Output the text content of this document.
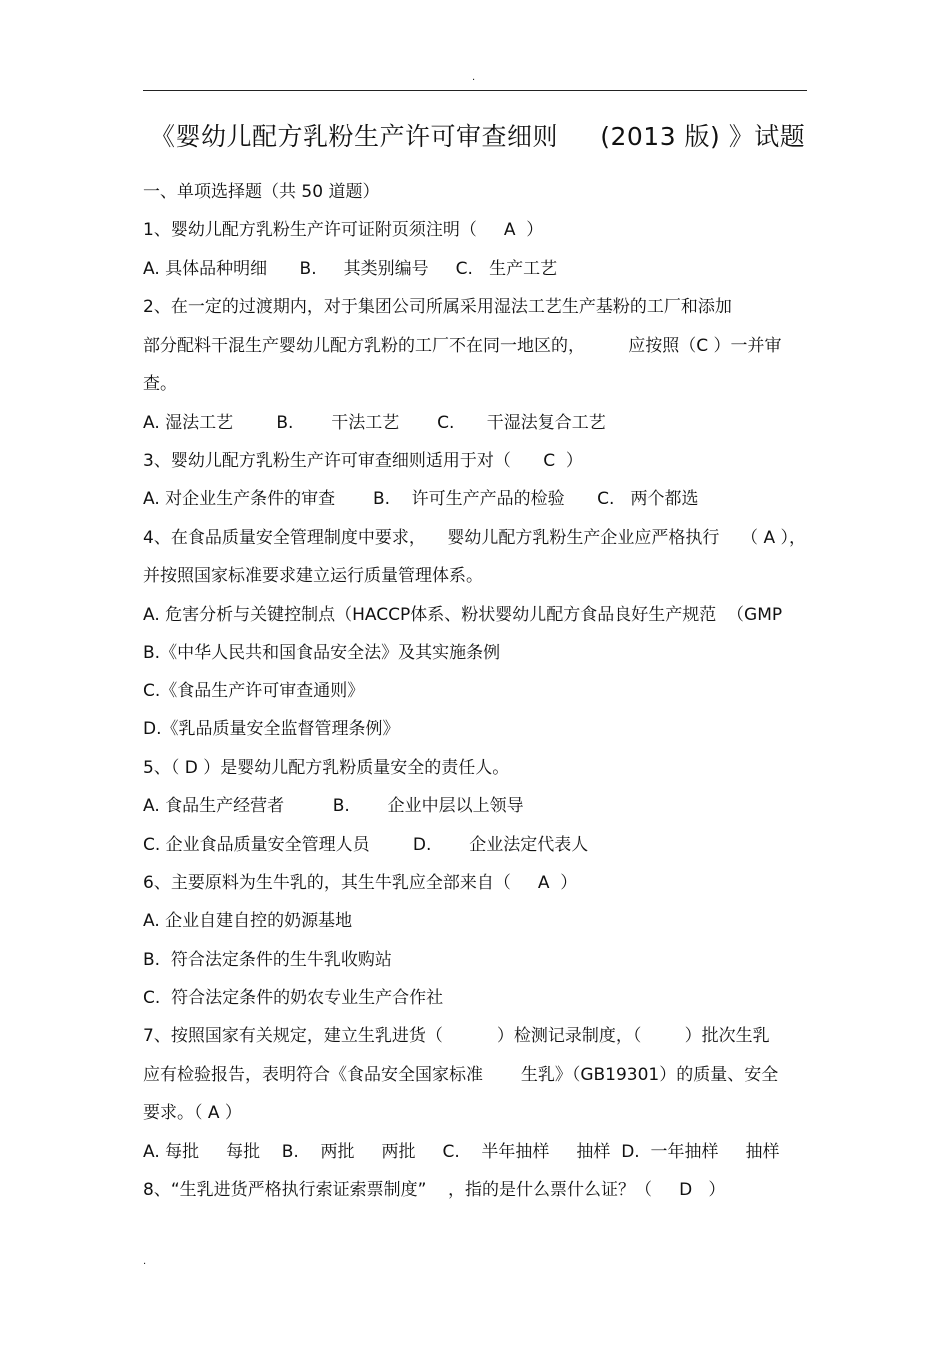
.
《婴幼儿配方乳粉生产许可审查细则     (2013 版) 》试题
一、单项选择题（共 50 道题）
1、婴幼儿配方乳粉生产许可证附页须注明（     A  ）
A. 具体品种明细      B.     其类别编号     C.   生产工艺
2、在一定的过渡期内，对于集团公司所属采用湿法工艺生产基粉的工厂和添加
部分配料干混生产婴幼儿配方乳粉的工厂不在同一地区的，        应按照（C ）一并审
查。
A. 湿法工艺        B.       干法工艺       C.      干湿法复合工艺
3、婴幼儿配方乳粉生产许可审查细则适用于对（      C  ）
A. 对企业生产条件的审查       B.    许可生产产品的检验      C.   两个都选
4、在食品质量安全管理制度中要求，    婴幼儿配方乳粉生产企业应严格执行    （ A ），
并按照国家标准要求建立运行质量管理体系。
A. 危害分析与关键控制点（HACCP体系、粉状婴幼儿配方食品良好生产规范  （GMP
B.《中华人民共和国食品安全法》及其实施条例
C.《食品生产许可审查通则》
D.《乳品质量安全监督管理条例》
5、（ D ）是婴幼儿配方乳粉质量安全的责任人。
A. 食品生产经营者         B.       企业中层以上领导
C. 企业食品质量安全管理人员        D.       企业法定代表人
6、主要原料为生牛乳的，其生牛乳应全部来自（     A  ）
A. 企业自建自控的奶源基地
B.  符合法定条件的生牛乳收购站
C.  符合法定条件的奶农专业生产合作社
7、按照国家有关规定，建立生乳进货（          ）检测记录制度，（        ）批次生乳
应有检验报告，表明符合《食品安全国家标准       生乳》（GB19301）的质量、安全
要求。（ A ）
A. 每批     每批    B.    两批     两批     C.    半年抽样     抽样  D.  一年抽样     抽样
8、“生乳进货严格执行索证索票制度”    ，指的是什么票什么证？（     D   ）
.
